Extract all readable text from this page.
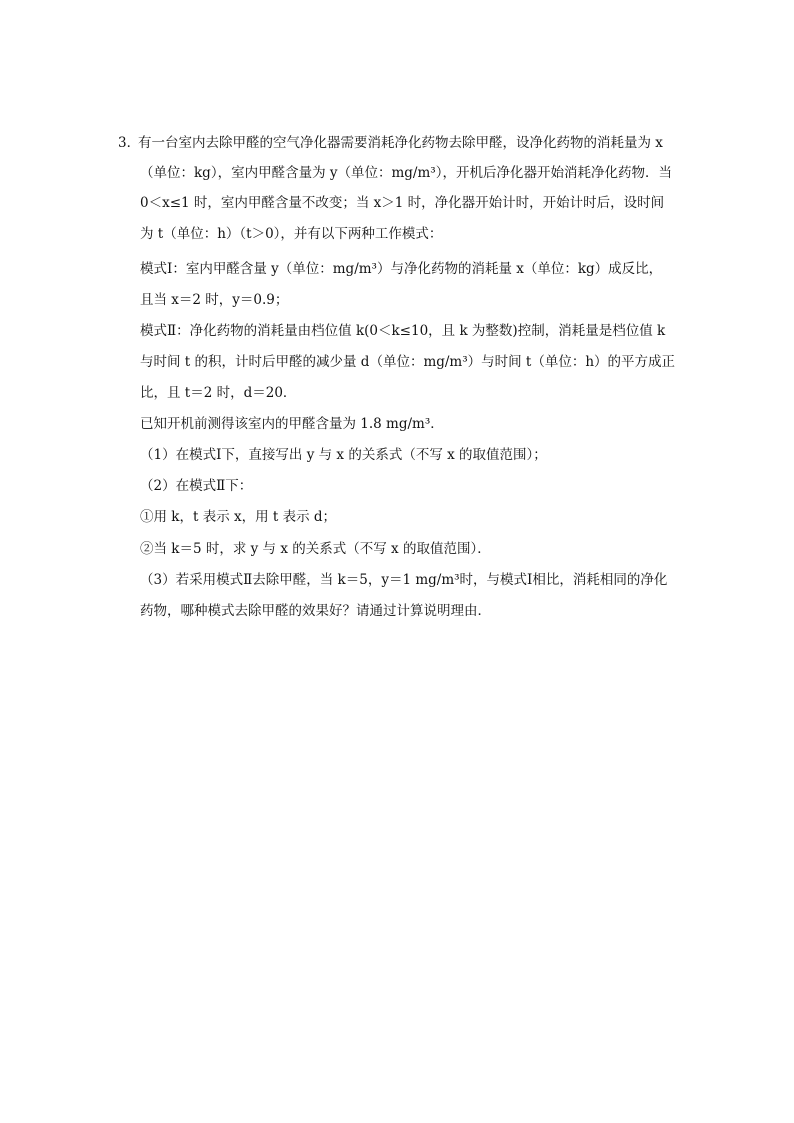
3．
有一台室内去除甲醛的空气净化器需要消耗净化药物去除甲醛，设净化药物的消耗量为 x
（单位：kg），室内甲醛含量为 y（单位：mg/m³），开机后净化器开始消耗净化药物．当
0＜x≤1 时，室内甲醛含量不改变；当 x＞1 时，净化器开始计时，开始计时后，设时间
为 t（单位：h）（t＞0），并有以下两种工作模式：
模式Ⅰ：室内甲醛含量 y（单位：mg/m³）与净化药物的消耗量 x（单位：kg）成反比，
且当 x＝2 时，y＝0.9；
模式Ⅱ：净化药物的消耗量由档位值 k(0＜k≤10，且 k 为整数)控制，消耗量是档位值 k
与时间 t 的积，计时后甲醛的减少量 d（单位：mg/m³）与时间 t（单位：h）的平方成正
比，且 t＝2 时，d＝20．
已知开机前测得该室内的甲醛含量为 1.8 mg/m³．
（1）在模式Ⅰ下，直接写出 y 与 x 的关系式（不写 x 的取值范围）；
（2）在模式Ⅱ下：
①用 k，t 表示 x，用 t 表示 d；
②当 k＝5 时，求 y 与 x 的关系式（不写 x 的取值范围）．
（3）若采用模式Ⅱ去除甲醛，当 k＝5，y＝1 mg/m³时，与模式Ⅰ相比，消耗相同的净化
药物，哪种模式去除甲醛的效果好？请通过计算说明理由．
